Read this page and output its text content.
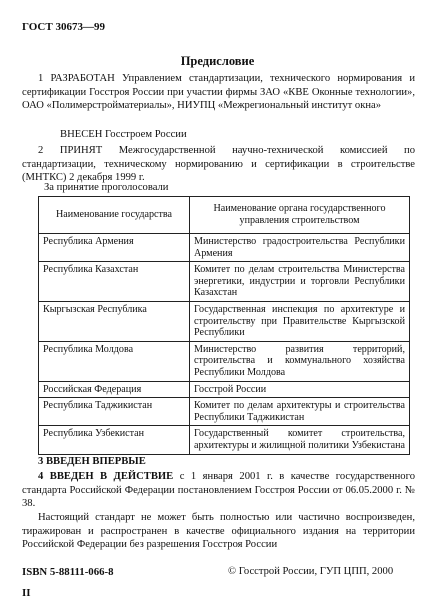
ГОСТ 30673—99
Предисловие
1 РАЗРАБОТАН Управлением стандартизации, технического нормирования и сертификации Госстроя России при участии фирмы ЗАО «КВЕ Оконные технологии», ОАО «Полимерстройматериалы», НИУПЦ «Межрегиональный институт окна»
ВНЕСЕН Госстроем России
2 ПРИНЯТ Межгосударственной научно-технической комиссией по стандартизации, техническому нормированию и сертификации в строительстве (МНТКС) 2 декабря 1999 г.
За принятие проголосовали
Наименование государства	Наименование органа государственного управления строительством
Республика Армения	Министерство градостроительства Республики Армения
Республика Казахстан	Комитет по делам строительства Министерства энергетики, индустрии и торговли Республики Казахстан
Кыргызская Республика	Государственная инспекция по архитектуре и строительству при Правительстве Кыргызской Республики
Республика Молдова	Министерство развития территорий, строительства и коммунального хозяйства Республики Молдова
Российская Федерация	Госстрой России
Республика Таджикистан	Комитет по делам архитектуры и строительства Республики Таджикистан
Республика Узбекистан	Государственный комитет строительства, архитектуры и жилищной политики Узбекистана
3 ВВЕДЕН ВПЕРВЫЕ
4 ВВЕДЕН В ДЕЙСТВИЕ с 1 января 2001 г. в качестве государственного стандарта Российской Федерации постановлением Госстроя России от 06.05.2000 г. № 38.
Настоящий стандарт не может быть полностью или частично воспроизведен, тиражирован и распространен в качестве официального издания на территории Российской Федерации без разрешения Госстроя России
ISBN 5-88111-066-8	© Госстрой России, ГУП ЦПП, 2000
II
